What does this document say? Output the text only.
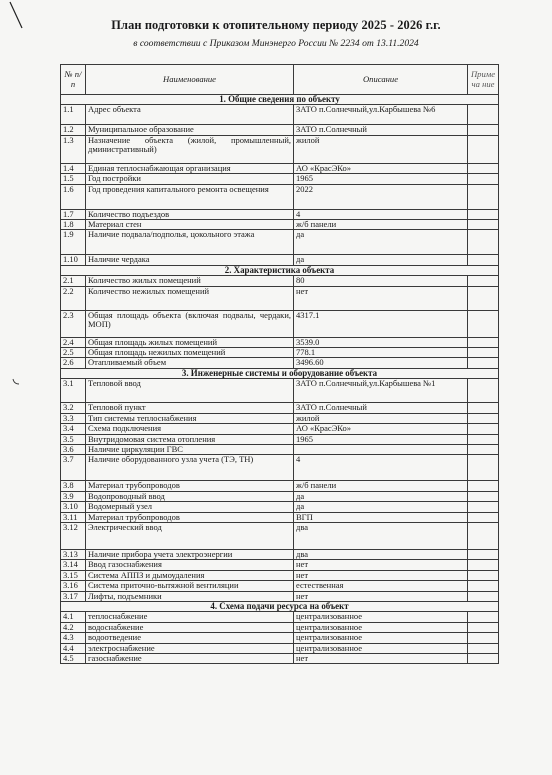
План подготовки к отопительному периоду 2025 - 2026 г.г.
в соответствии с Приказом Минэнерго России № 2234 от 13.11.2024
№ п/п	Наименование	Описание	Примеча ние
1. Общие сведения по объекту			
1.1	Адрес объекта	ЗАТО п.Солнечный,ул.Карбышева №6	
1.2	Муниципальное образование	ЗАТО п.Солнечный	
1.3	Назначение объекта (жилой, промышленный, дминистративный)	жилой	
1.4	Единая теплоснабжающая организация	АО «КрасЭКо»	
1.5	Год постройки	1965	
1.6	Год проведения капитального ремонта освещения	2022	
1.7	Количество подъездов	4	
1.8	Материал стен	ж/б панели	
1.9	Наличие подвала/подполья, цокольного этажа	да	
1.10	Наличие чердака	да	
2. Характеристика объекта			
2.1	Количество жилых помещений	80	
2.2	Количество нежилых помещений	нет	
2.3	Общая площадь объекта (включая подвалы, чердаки, МОП)	4317.1	
2.4	Общая площадь жилых помещений	3539.0	
2.5	Общая площадь нежилых помещений	778.1	
2.6	Отапливаемый объем	3496.60	
3. Инженерные системы и оборудование объекта			
3.1	Тепловой ввод	ЗАТО п.Солнечный,ул.Карбышева №1	
3.2	Тепловой пункт	ЗАТО п.Солнечный	
3.3	Тип системы теплоснабжения	жилой	
3.4	Схема подключения	АО «КрасЭКо»	
3.5	Внутридомовая система отопления	1965	
3.6	Наличие циркуляции ГВС		
3.7	Наличие оборудованного узла учета (ТЭ, ТН)	4	
3.8	Материал трубопроводов	ж/б панели	
3.9	Водопроводный ввод	да	
3.10	Водомерный узел	да	
3.11	Материал трубопроводов	ВГП	
3.12	Электрический ввод	два	
3.13	Наличие прибора учета электроэнергии	два	
3.14	Ввод газоснабжения	нет	
3.15	Система АППЗ и дымоудаления	нет	
3.16	Система приточно-вытяжной вентиляции	естественная	
3.17	Лифты, подъемники	нет	
4. Схема подачи ресурса на объект			
4.1	теплоснабжение	централизованное	
4.2	водоснабжение	централизованное	
4.3	водоотведение	централизованное	
4.4	электроснабжение	централизованное	
4.5	газоснабжение	нет	
